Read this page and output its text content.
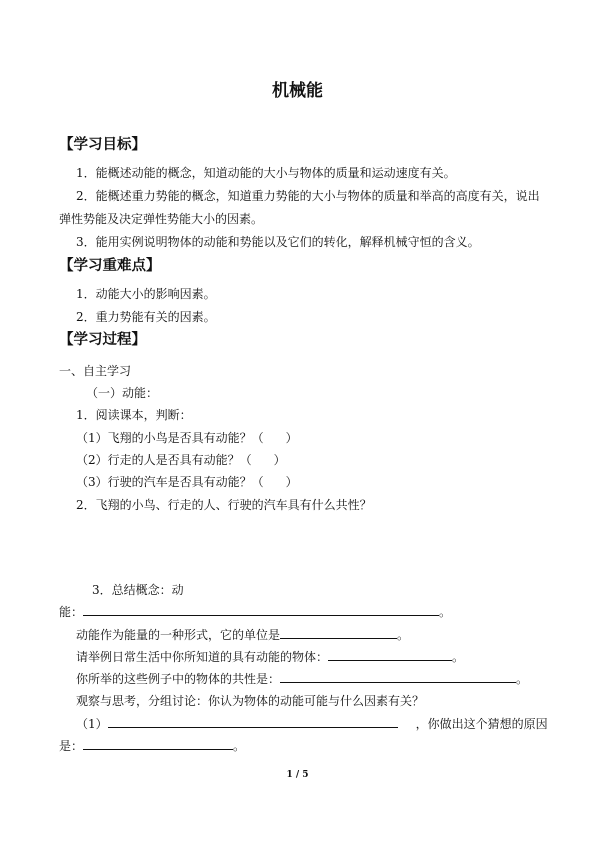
机械能
【学习目标】
1．能概述动能的概念，知道动能的大小与物体的质量和运动速度有关。
2．能概述重力势能的概念，知道重力势能的大小与物体的质量和举高的高度有关，说出
弹性势能及决定弹性势能大小的因素。
3．能用实例说明物体的动能和势能以及它们的转化，解释机械守恒的含义。
【学习重难点】
1．动能大小的影响因素。
2．重力势能有关的因素。
【学习过程】
一、自主学习
（一）动能：
1．阅读课本，判断：
（1）飞翔的小鸟是否具有动能？（ ）
（2）行走的人是否具有动能？（ ）
（3）行驶的汽车是否具有动能？（ ）
2．飞翔的小鸟、行走的人、行驶的汽车具有什么共性？
3．总结概念：动
能：	。
动能作为能量的一种形式，它的单位是	。
请举例日常生活中你所知道的具有动能的物体：	。
你所举的这些例子中的物体的共性是：	。
观察与思考，分组讨论：你认为物体的动能可能与什么因素有关？
（1）	，你做出这个猜想的原因
是：	。
1 / 5
